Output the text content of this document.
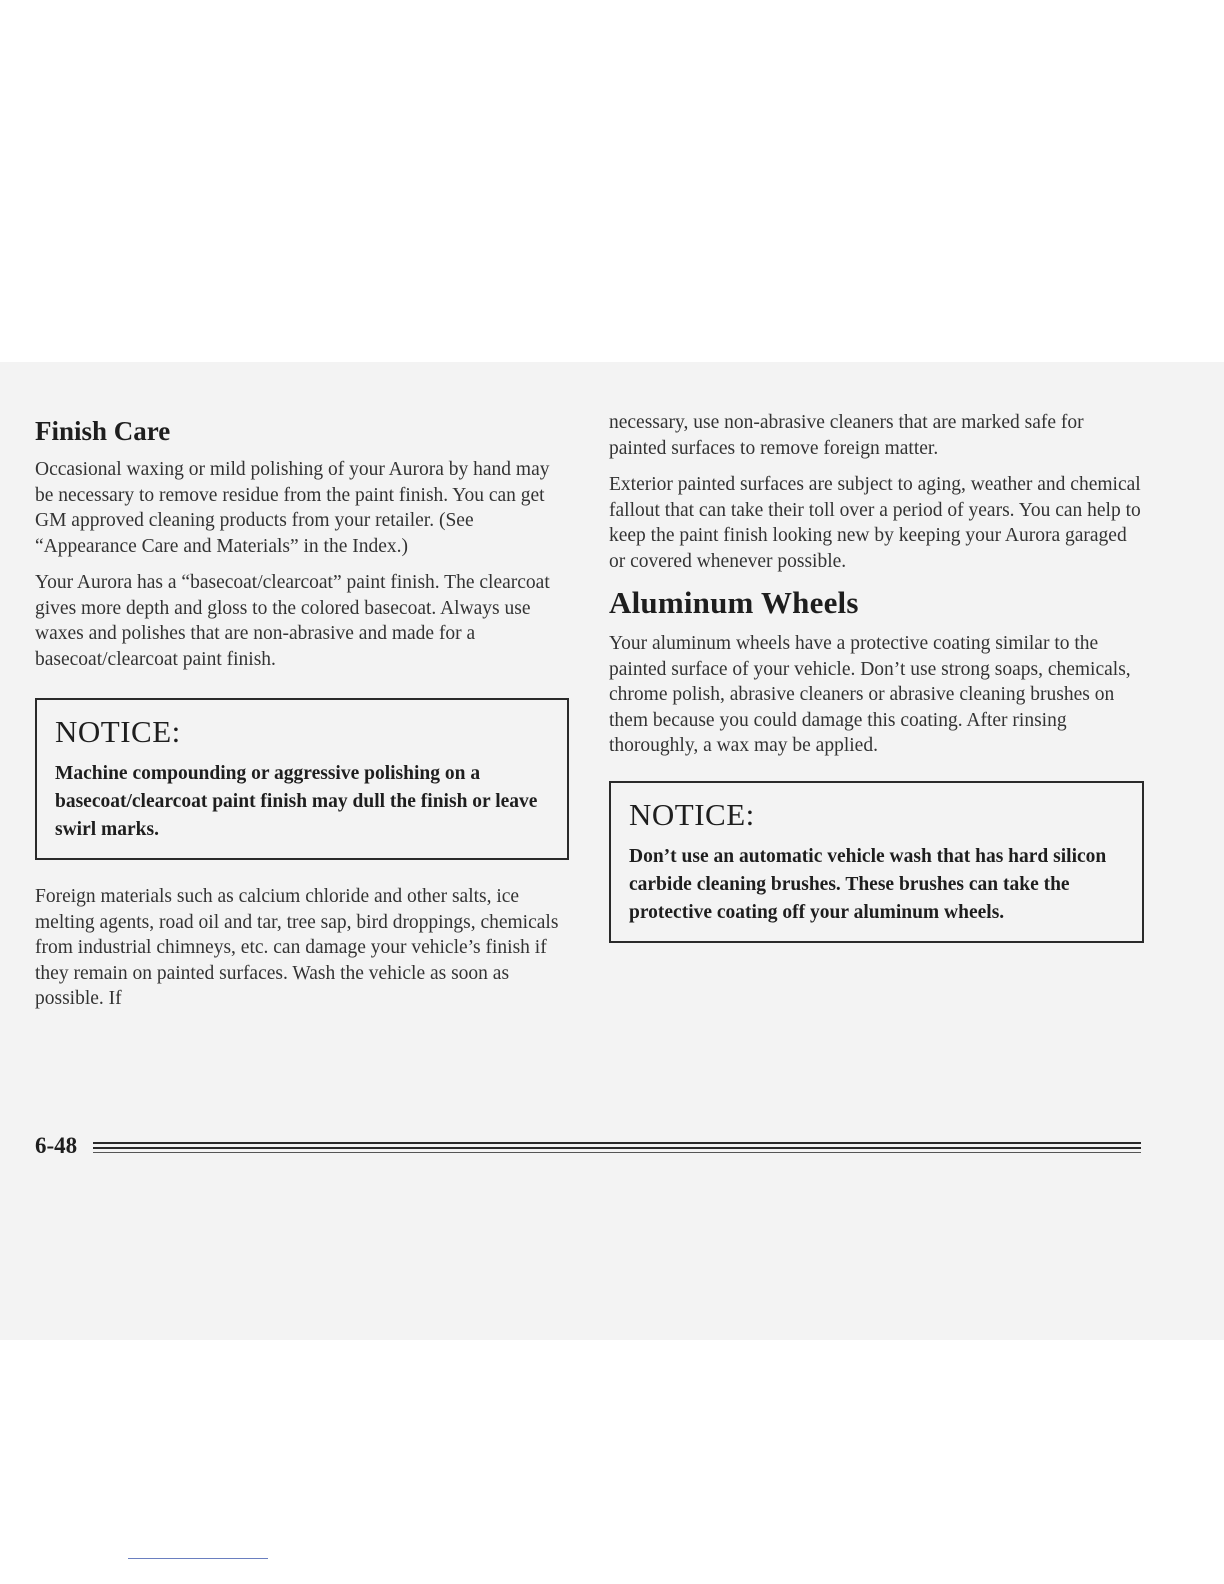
Finish Care

Occasional waxing or mild polishing of your Aurora by hand may be necessary to remove residue from the paint finish. You can get GM approved cleaning products from your retailer. (See “Appearance Care and Materials” in the Index.)

Your Aurora has a “basecoat/clearcoat” paint finish. The clearcoat gives more depth and gloss to the colored basecoat. Always use waxes and polishes that are non-abrasive and made for a basecoat/clearcoat paint finish.

NOTICE:

Machine compounding or aggressive polishing on a basecoat/clearcoat paint finish may dull the finish or leave swirl marks.

Foreign materials such as calcium chloride and other salts, ice melting agents, road oil and tar, tree sap, bird droppings, chemicals from industrial chimneys, etc. can damage your vehicle’s finish if they remain on painted surfaces. Wash the vehicle as soon as possible. If

necessary, use non-abrasive cleaners that are marked safe for painted surfaces to remove foreign matter.

Exterior painted surfaces are subject to aging, weather and chemical fallout that can take their toll over a period of years. You can help to keep the paint finish looking new by keeping your Aurora garaged or covered whenever possible.

Aluminum Wheels

Your aluminum wheels have a protective coating similar to the painted surface of your vehicle. Don’t use strong soaps, chemicals, chrome polish, abrasive cleaners or abrasive cleaning brushes on them because you could damage this coating. After rinsing thoroughly, a wax may be applied.

NOTICE:

Don’t use an automatic vehicle wash that has hard silicon carbide cleaning brushes. These brushes can take the protective coating off your aluminum wheels.

6-48
